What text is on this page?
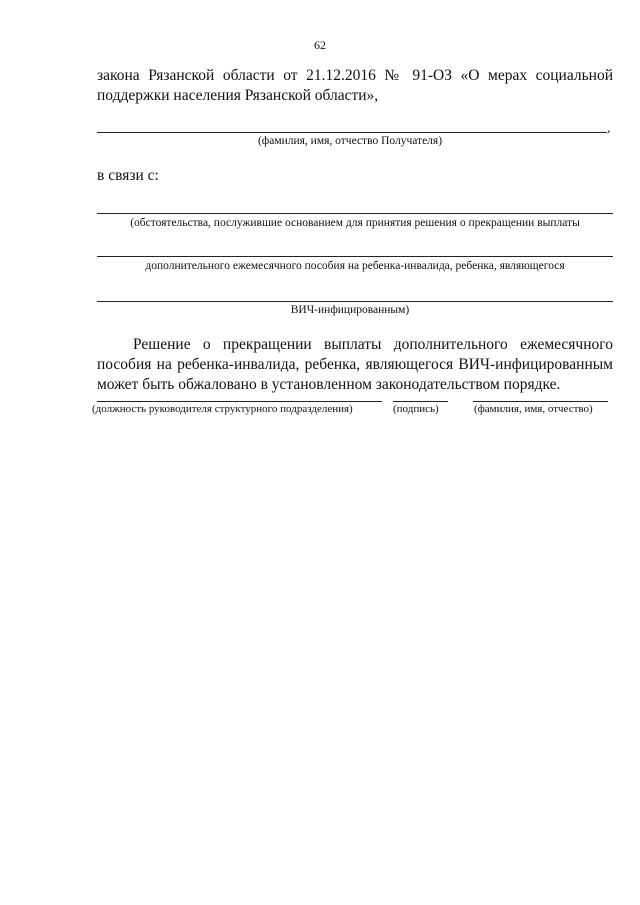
62
закона Рязанской области от 21.12.2016 № 91-ОЗ «О мерах социальной
поддержки населения Рязанской области»,
,
(фамилия, имя, отчество Получателя)
в связи с:
(обстоятельства, послужившие основанием для принятия решения о прекращении выплаты
дополнительного ежемесячного пособия на ребенка-инвалида, ребенка, являющегося
ВИЧ-инфицированным)
Решение о прекращении выплаты дополнительного ежемесячного
пособия на ребенка-инвалида, ребенка, являющегося ВИЧ-инфицированным
может быть обжаловано в установленном законодательством порядке.
(должность руководителя структурного подразделения)	(подпись)	(фамилия, имя, отчество)
